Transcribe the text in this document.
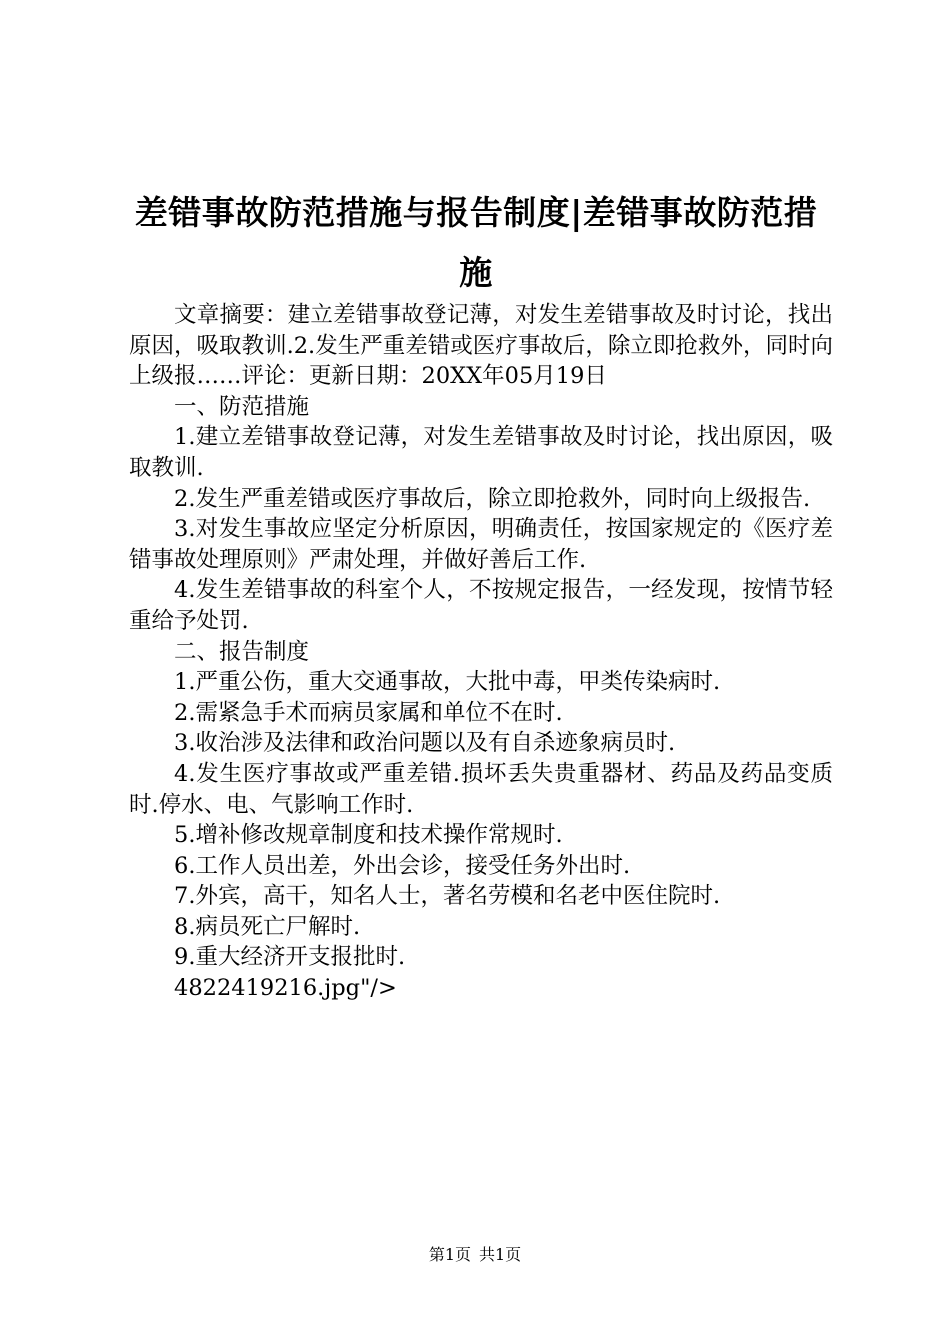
差错事故防范措施与报告制度|差错事故防范措施

文章摘要：建立差错事故登记薄，对发生差错事故及时讨论，找出原因，吸取教训.2.发生严重差错或医疗事故后，除立即抢救外，同时向上级报……评论：更新日期：20XX年05月19日

一、防范措施

1.建立差错事故登记薄，对发生差错事故及时讨论，找出原因，吸取教训.

2.发生严重差错或医疗事故后，除立即抢救外，同时向上级报告.

3.对发生事故应坚定分析原因，明确责任，按国家规定的《医疗差错事故处理原则》严肃处理，并做好善后工作.

4.发生差错事故的科室个人，不按规定报告，一经发现，按情节轻重给予处罚.

二、报告制度

1.严重公伤，重大交通事故，大批中毒，甲类传染病时.

2.需紧急手术而病员家属和单位不在时.

3.收治涉及法律和政治问题以及有自杀迹象病员时.

4.发生医疗事故或严重差错.损坏丢失贵重器材、药品及药品变质时.停水、电、气影响工作时.

5.增补修改规章制度和技术操作常规时.

6.工作人员出差，外出会诊，接受任务外出时.

7.外宾，高干，知名人士，著名劳模和名老中医住院时.

8.病员死亡尸解时.

9.重大经济开支报批时.

4822419216.jpg"/>

第1页 共1页
